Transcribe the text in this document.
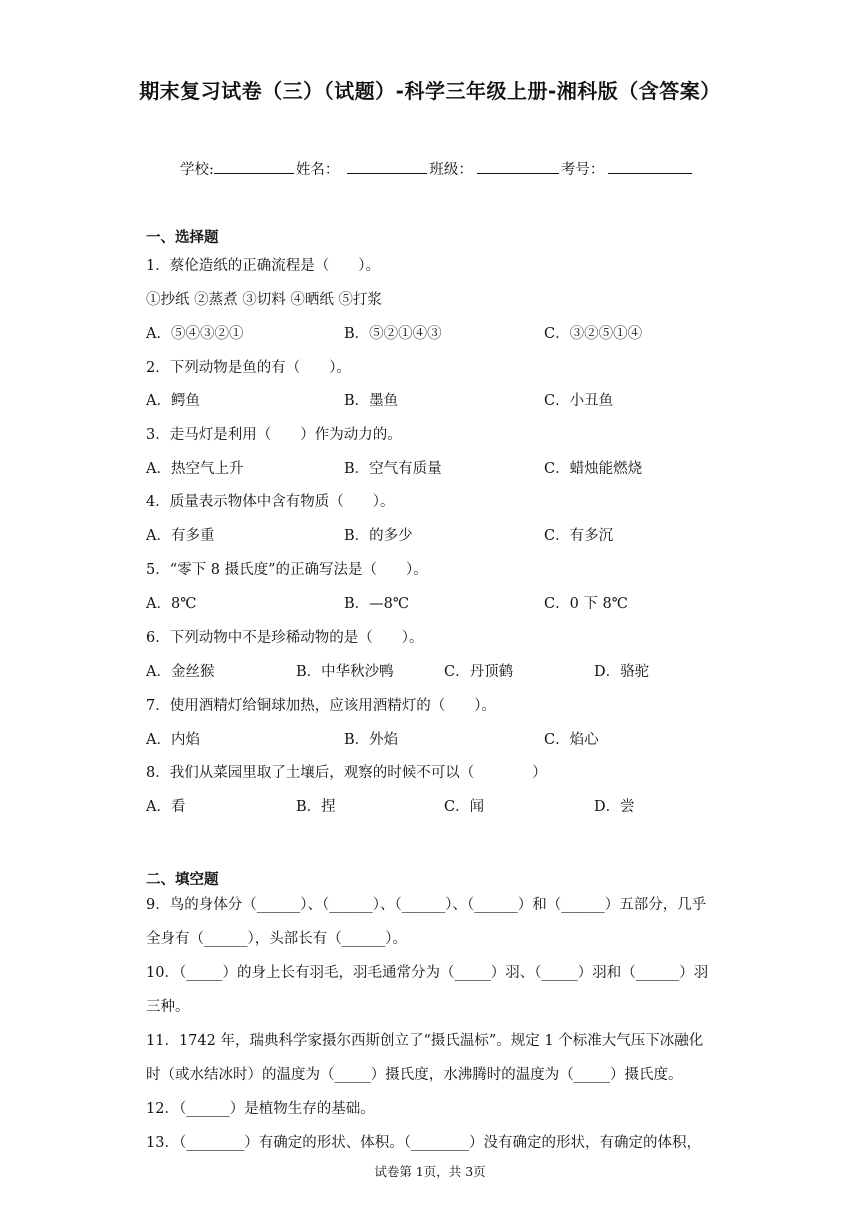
期末复习试卷（三）（试题）-科学三年级上册-湘科版（含答案）
学校:	姓名：	班级：	考号：
一、选择题
1．蔡伦造纸的正确流程是（　　）。
①抄纸 ②蒸煮 ③切料 ④晒纸 ⑤打浆
A．⑤④③②①	B．⑤②①④③	C．③②⑤①④
2．下列动物是鱼的有（　　）。
A．鳄鱼	B．墨鱼	C．小丑鱼
3．走马灯是利用（　　）作为动力的。
A．热空气上升	B．空气有质量	C．蜡烛能燃烧
4．质量表示物体中含有物质（　　）。
A．有多重	B．的多少	C．有多沉
5．“零下 8 摄氏度”的正确写法是（　　）。
A．8℃	B．—8℃	C．0 下 8℃
6．下列动物中不是珍稀动物的是（　　）。
A．金丝猴	B．中华秋沙鸭	C．丹顶鹤	D．骆驼
7．使用酒精灯给铜球加热，应该用酒精灯的（　　）。
A．内焰	B．外焰	C．焰心
8．我们从菜园里取了土壤后，观察的时候不可以（　　　　）
A．看	B．捏	C．闻	D．尝
二、填空题
9．鸟的身体分（______）、（______）、（______）、（______）和（______）五部分，几乎全身有（______），头部长有（______）。
10．（_____）的身上长有羽毛，羽毛通常分为（_____）羽、（_____）羽和（______）羽三种。
11．1742 年，瑞典科学家摄尔西斯创立了“摄氏温标”。规定 1 个标准大气压下冰融化时（或水结冰时）的温度为（_____）摄氏度，水沸腾时的温度为（_____）摄氏度。
12．（______）是植物生存的基础。
13．（________）有确定的形状、体积。（________）没有确定的形状，有确定的体积，
试卷第 1页，共 3页
